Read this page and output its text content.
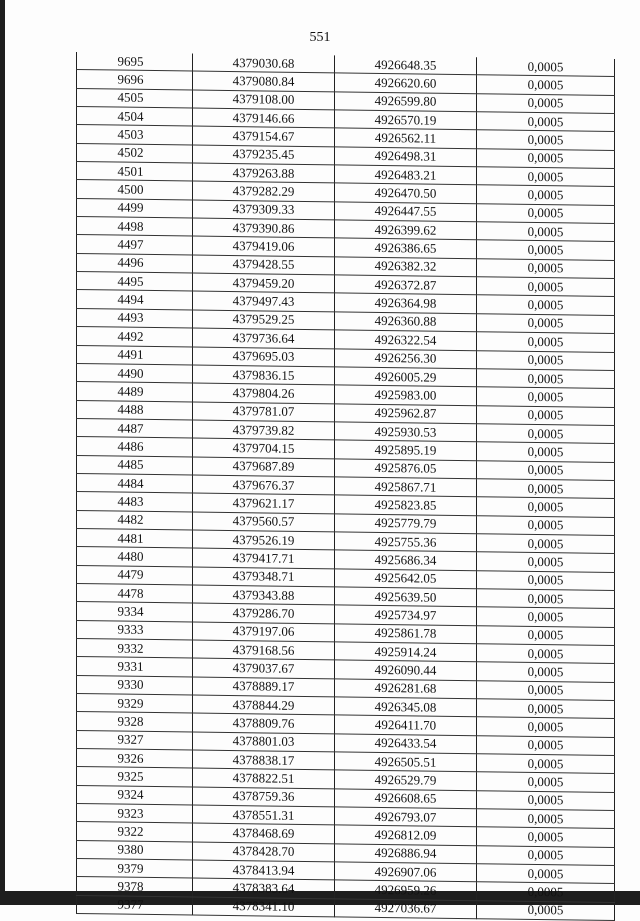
551
9695	4379030.68	4926648.35	0,0005
9696	4379080.84	4926620.60	0,0005
4505	4379108.00	4926599.80	0,0005
4504	4379146.66	4926570.19	0,0005
4503	4379154.67	4926562.11	0,0005
4502	4379235.45	4926498.31	0,0005
4501	4379263.88	4926483.21	0,0005
4500	4379282.29	4926470.50	0,0005
4499	4379309.33	4926447.55	0,0005
4498	4379390.86	4926399.62	0,0005
4497	4379419.06	4926386.65	0,0005
4496	4379428.55	4926382.32	0,0005
4495	4379459.20	4926372.87	0,0005
4494	4379497.43	4926364.98	0,0005
4493	4379529.25	4926360.88	0,0005
4492	4379736.64	4926322.54	0,0005
4491	4379695.03	4926256.30	0,0005
4490	4379836.15	4926005.29	0,0005
4489	4379804.26	4925983.00	0,0005
4488	4379781.07	4925962.87	0,0005
4487	4379739.82	4925930.53	0,0005
4486	4379704.15	4925895.19	0,0005
4485	4379687.89	4925876.05	0,0005
4484	4379676.37	4925867.71	0,0005
4483	4379621.17	4925823.85	0,0005
4482	4379560.57	4925779.79	0,0005
4481	4379526.19	4925755.36	0,0005
4480	4379417.71	4925686.34	0,0005
4479	4379348.71	4925642.05	0,0005
4478	4379343.88	4925639.50	0,0005
9334	4379286.70	4925734.97	0,0005
9333	4379197.06	4925861.78	0,0005
9332	4379168.56	4925914.24	0,0005
9331	4379037.67	4926090.44	0,0005
9330	4378889.17	4926281.68	0,0005
9329	4378844.29	4926345.08	0,0005
9328	4378809.76	4926411.70	0,0005
9327	4378801.03	4926433.54	0,0005
9326	4378838.17	4926505.51	0,0005
9325	4378822.51	4926529.79	0,0005
9324	4378759.36	4926608.65	0,0005
9323	4378551.31	4926793.07	0,0005
9322	4378468.69	4926812.09	0,0005
9380	4378428.70	4926886.94	0,0005
9379	4378413.94	4926907.06	0,0005
9378	4378383.64	4926959.26	0,0005
9377	4378341.10	4927036.67	0,0005
